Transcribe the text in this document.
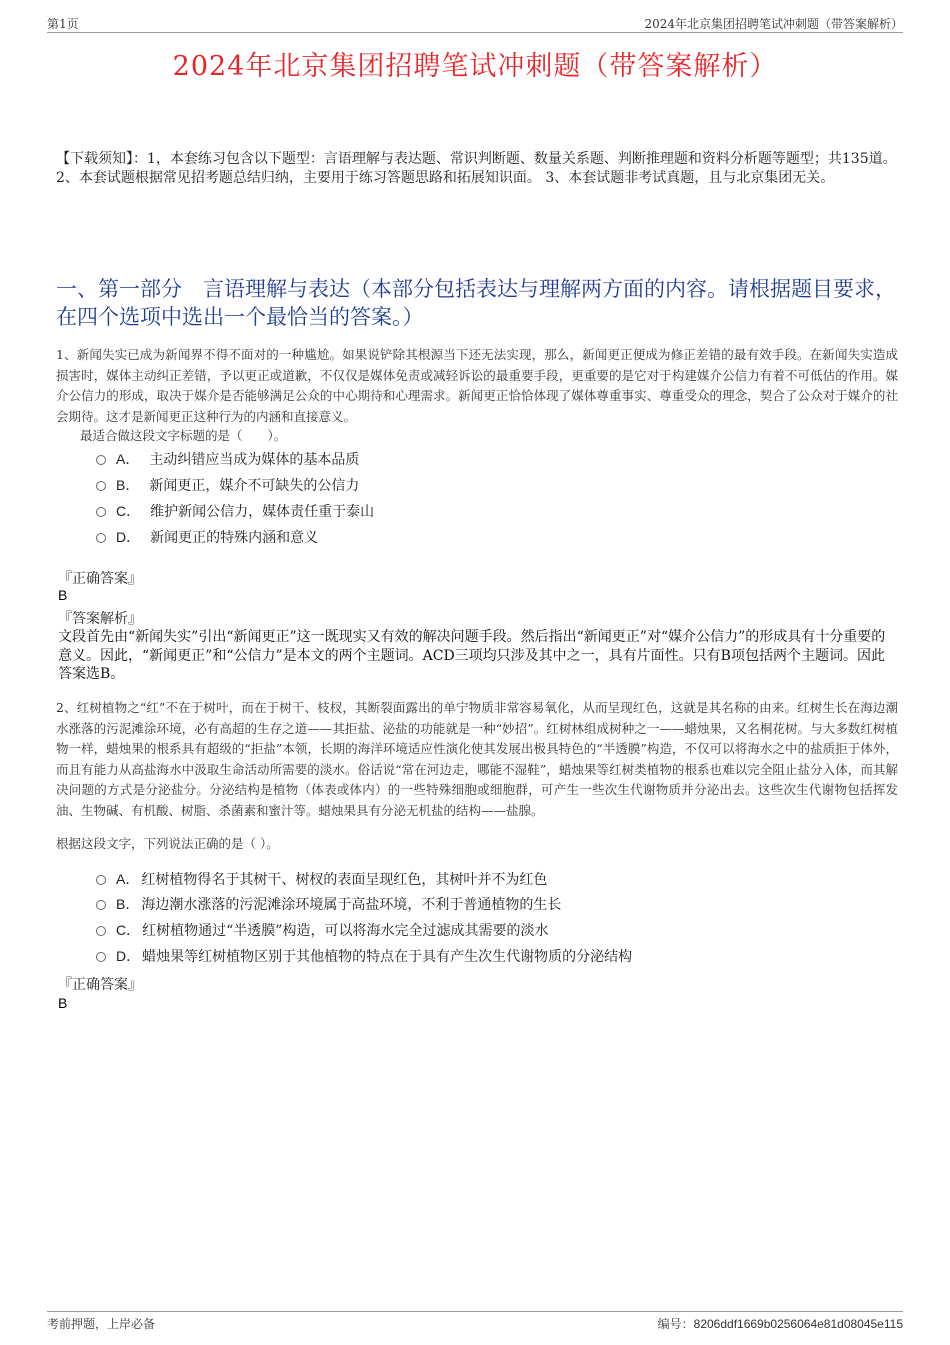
第1页	2024年北京集团招聘笔试冲刺题（带答案解析）
2024年北京集团招聘笔试冲刺题（带答案解析）
【下载须知】：1，本套练习包含以下题型：言语理解与表达题、常识判断题、数量关系题、判断推理题和资料分析题等题型；共135道。 2、本套试题根据常见招考题总结归纳，主要用于练习答题思路和拓展知识面。 3、本套试题非考试真题，且与北京集团无关。
一、第一部分　言语理解与表达（本部分包括表达与理解两方面的内容。请根据题目要求，在四个选项中选出一个最恰当的答案。）
1、新闻失实已成为新闻界不得不面对的一种尴尬。如果说铲除其根源当下还无法实现，那么，新闻更正便成为修正差错的最有效手段。在新闻失实造成损害时，媒体主动纠正差错，予以更正或道歉，不仅仅是媒体免责或减轻诉讼的最重要手段，更重要的是它对于构建媒介公信力有着不可低估的作用。媒介公信力的形成，取决于媒介是否能够满足公众的中心期待和心理需求。新闻更正恰恰体现了媒体尊重事实、尊重受众的理念，契合了公众对于媒介的社会期待。这才是新闻更正这种行为的内涵和直接意义。
最适合做这段文字标题的是（　　）。
A． 主动纠错应当成为媒体的基本品质
B． 新闻更正，媒介不可缺失的公信力
C． 维护新闻公信力，媒体责任重于泰山
D． 新闻更正的特殊内涵和意义
『正确答案』
B
『答案解析』
文段首先由“新闻失实”引出“新闻更正”这一既现实又有效的解决问题手段。然后指出“新闻更正”对“媒介公信力”的形成具有十分重要的意义。因此，“新闻更正”和“公信力”是本文的两个主题词。ACD三项均只涉及其中之一，具有片面性。只有B项包括两个主题词。因此答案选B。
2、红树植物之“红”不在于树叶，而在于树干、枝杈，其断裂面露出的单宁物质非常容易氧化，从而呈现红色，这就是其名称的由来。红树生长在海边潮水涨落的污泥滩涂环境，必有高超的生存之道——其拒盐、泌盐的功能就是一种“妙招”。红树林组成树种之一——蜡烛果，又名桐花树。与大多数红树植物一样，蜡烛果的根系具有超级的“拒盐”本领，长期的海洋环境适应性演化使其发展出极具特色的“半透膜”构造，不仅可以将海水之中的盐质拒于体外，而且有能力从高盐海水中汲取生命活动所需要的淡水。俗话说“常在河边走，哪能不湿鞋”，蜡烛果等红树类植物的根系也难以完全阻止盐分入体，而其解决问题的方式是分泌盐分。分泌结构是植物（体表或体内）的一些特殊细胞或细胞群，可产生一些次生代谢物质并分泌出去。这些次生代谢物包括挥发油、生物碱、有机酸、树脂、杀菌素和蜜汁等。蜡烛果具有分泌无机盐的结构——盐腺。
根据这段文字，下列说法正确的是（ ）。
A． 红树植物得名于其树干、树杈的表面呈现红色，其树叶并不为红色
B． 海边潮水涨落的污泥滩涂环境属于高盐环境，不利于普通植物的生长
C． 红树植物通过“半透膜”构造，可以将海水完全过滤成其需要的淡水
D． 蜡烛果等红树植物区别于其他植物的特点在于具有产生次生代谢物质的分泌结构
『正确答案』
B
考前押题，上岸必备	编号：8206ddf1669b0256064e81d08045e115
